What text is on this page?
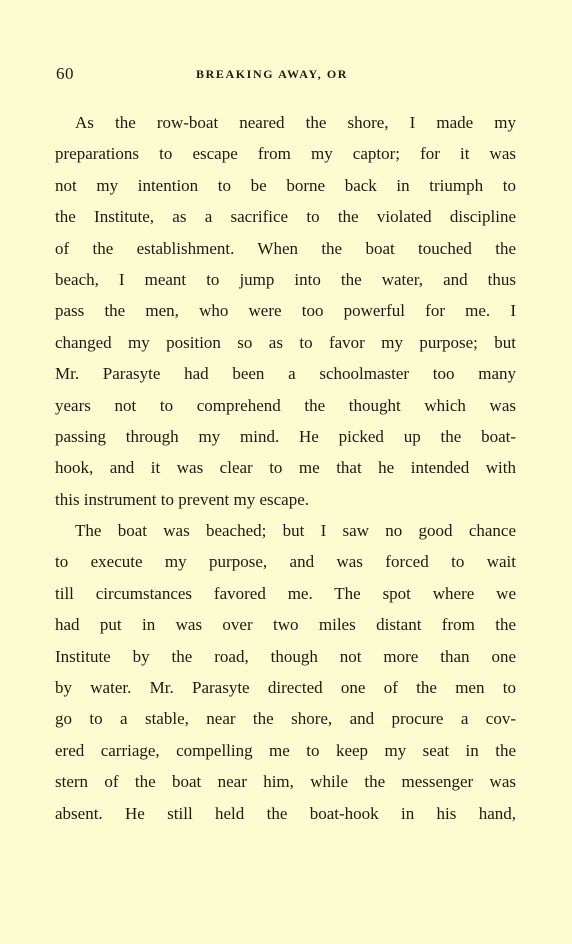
60	BREAKING AWAY, OR
As the row-boat neared the shore, I made my
preparations to escape from my captor; for it was
not my intention to be borne back in triumph to
the Institute, as a sacrifice to the violated discipline
of the establishment. When the boat touched the
beach, I meant to jump into the water, and thus
pass the men, who were too powerful for me. I
changed my position so as to favor my purpose; but
Mr. Parasyte had been a schoolmaster too many
years not to comprehend the thought which was
passing through my mind. He picked up the boat-
hook, and it was clear to me that he intended with
this instrument to prevent my escape.
The boat was beached; but I saw no good chance
to execute my purpose, and was forced to wait
till circumstances favored me. The spot where we
had put in was over two miles distant from the
Institute by the road, though not more than one
by water. Mr. Parasyte directed one of the men to
go to a stable, near the shore, and procure a cov-
ered carriage, compelling me to keep my seat in the
stern of the boat near him, while the messenger was
absent. He still held the boat-hook in his hand,
